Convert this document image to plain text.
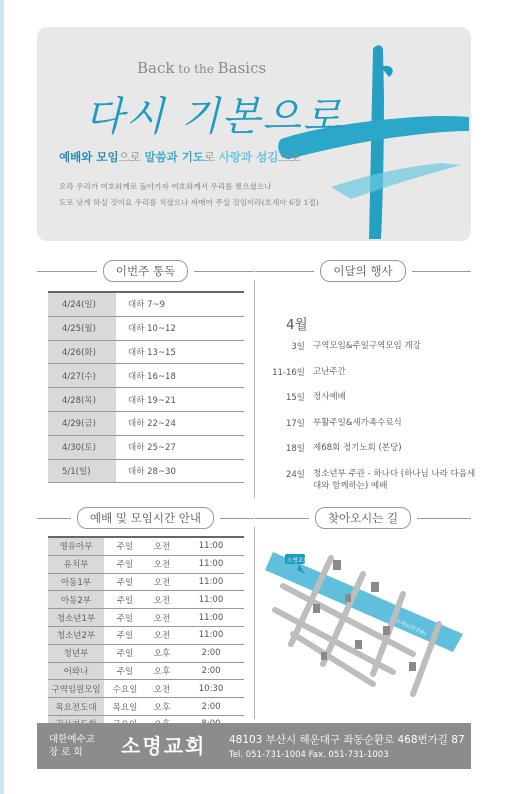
Back to the Basics
다시 기본으로
예배와 모임으로 말씀과 기도로 사랑과 섬김으로
오라 우리가 여호와께로 돌아가자 여호와께서 우리를 찢으셨으나
도로 낫게 하실 것이요 우리를 치셨으나 싸매어 주실 것임이라(호세아 6장 1절)
이번주 통독	이달의 행사
4/24(일)	대하 7~9
4/25(월)	대하 10~12
4/26(화)	대하 13~15
4/27(수)	대하 16~18
4/28(목)	대하 19~21
4/29(금)	대하 22~24
4/30(토)	대하 25~27
5/1(일)	대하 28~30
4월
3일 구역모임&주일구역모임 개강
11-16일 고난주간
15일 정사예배
17일 부활주일&새가족수료식
18일 제68회 정기노회 (본당)
24일 청소년부 주관 - 하나다 (하나님 나라 다음세대와 함께하는) 예배
예배 및 모임시간 안내	찾아오시는 길
영유아부	주일	오전	11:00
유치부	주일	오전	11:00
아동1부	주일	오전	11:00
아동2부	주일	오전	11:00
청소년1부	주일	오전	11:00
청소년2부	주일	오전	11:00
청년부	주일	오후	2:00
어와나	주일	오후	2:00
구역임원모임	수요일	오전	10:30
목요전도대	목요일	오후	2:00
해운대로(부전동)
소명교회
대한예수교
장 로 회	소명교회 48103 부산시 해운대구 좌동순환로 468번가길 87
Tel. 051-731-1004 Fax. 051-731-1003
